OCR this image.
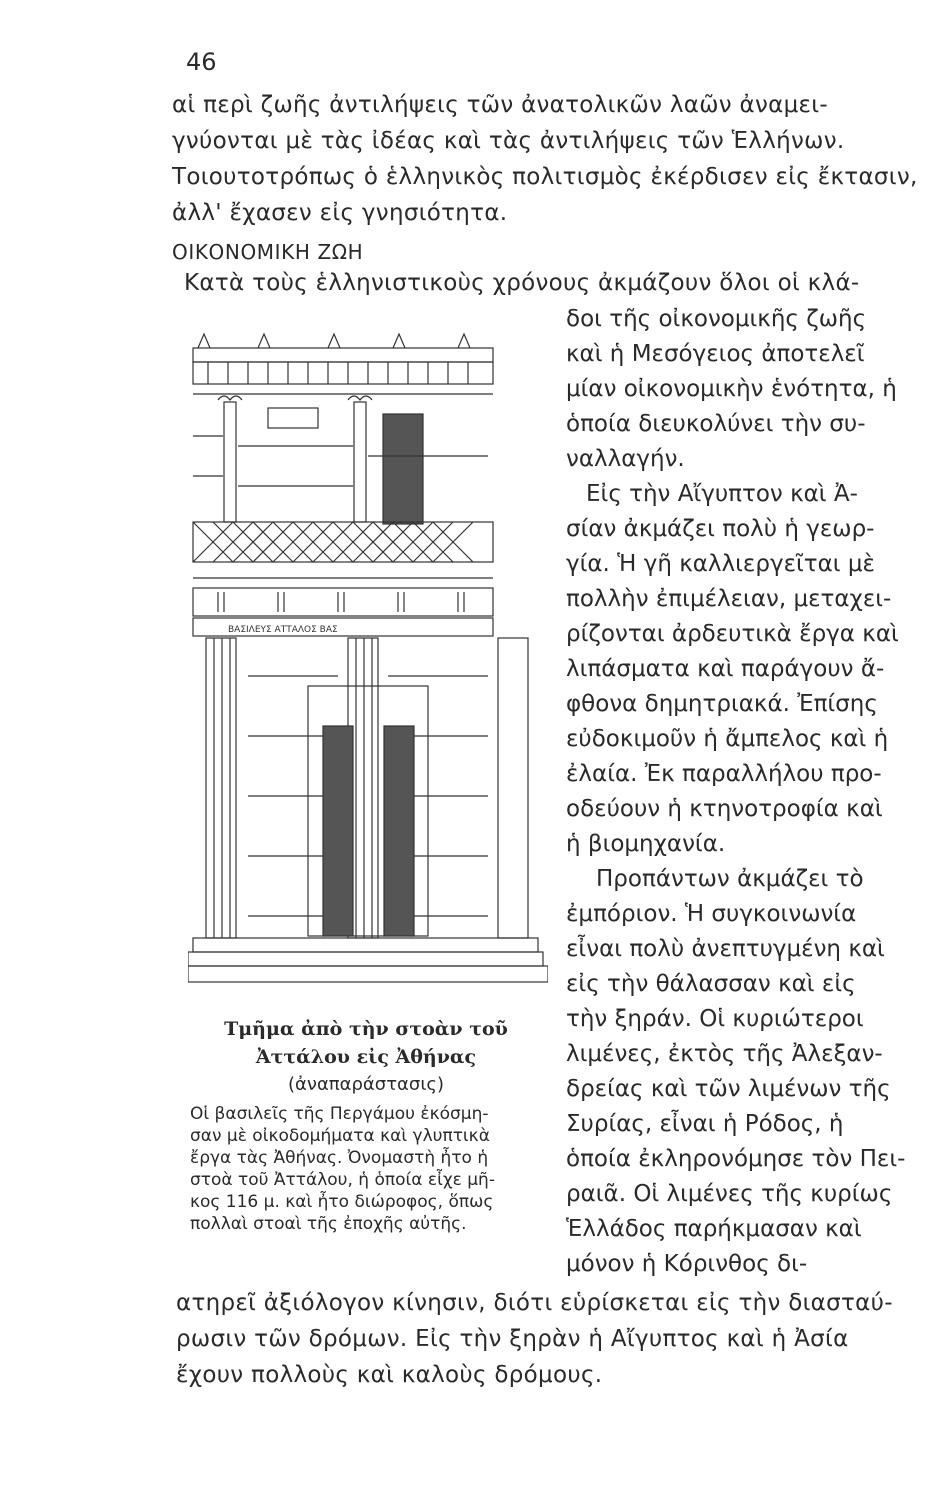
46
αἱ περὶ ζωῆς ἀντιλήψεις τῶν ἀνατολικῶν λαῶν ἀναμει-
γνύονται μὲ τὰς ἰδέας καὶ τὰς ἀντιλήψεις τῶν Ἑλλήνων.
Τοιουτοτρόπως ὁ ἑλληνικὸς πολιτισμὸς ἐκέρδισεν εἰς ἔκτασιν,
ἀλλ' ἔχασεν εἰς γνησιότητα.
ΟΙΚΟΝΟΜΙΚΗ ΖΩΗ
Κατὰ τοὺς ἑλληνιστικοὺς χρόνους ἀκμάζουν ὅλοι οἱ κλά-
ΒΑΣΙΛΕΥΣ ΑΤΤΑΛΟΣ ΒΑΣ
Τμῆμα ἀπὸ τὴν στοὰν τοῦ
Ἀττάλου εἰς Ἀθήνας
(ἀναπαράστασις)
Οἱ βασιλεῖς τῆς Περγάμου ἐκόσμη-
σαν μὲ οἰκοδομήματα καὶ γλυπτικὰ
ἔργα τὰς Ἀθήνας. Ὀνομαστὴ ἦτο ἡ
στοὰ τοῦ Ἀττάλου, ἡ ὁποία εἶχε μῆ-
κος 116 μ. καὶ ἦτο διώροφος, ὅπως
πολλαὶ στοαὶ τῆς ἐποχῆς αὐτῆς.
δοι τῆς οἰκονομικῆς ζωῆς
καὶ ἡ Μεσόγειος ἀποτελεῖ
μίαν οἰκονομικὴν ἑνότητα, ἡ
ὁποία διευκολύνει τὴν συ-
ναλλαγήν.
Εἰς τὴν Αἴγυπτον καὶ Ἀ-
σίαν ἀκμάζει πολὺ ἡ γεωρ-
γία. Ἡ γῆ καλλιεργεῖται μὲ
πολλὴν ἐπιμέλειαν, μεταχει-
ρίζονται ἀρδευτικὰ ἔργα καὶ
λιπάσματα καὶ παράγουν ἄ-
φθονα δημητριακά. Ἐπίσης
εὐδοκιμοῦν ἡ ἄμπελος καὶ ἡ
ἐλαία. Ἐκ παραλλήλου προ-
οδεύουν ἡ κτηνοτροφία καὶ
ἡ βιομηχανία.
Προπάντων ἀκμάζει τὸ
ἐμπόριον. Ἡ συγκοινωνία
εἶναι πολὺ ἀνεπτυγμένη καὶ
εἰς τὴν θάλασσαν καὶ εἰς
τὴν ξηράν. Οἱ κυριώτεροι
λιμένες, ἐκτὸς τῆς Ἀλεξαν-
δρείας καὶ τῶν λιμένων τῆς
Συρίας, εἶναι ἡ Ρόδος, ἡ
ὁποία ἐκληρονόμησε τὸν Πει-
ραιᾶ. Οἱ λιμένες τῆς κυρίως
Ἑλλάδος παρήκμασαν καὶ
μόνον ἡ Κόρινθος δι-
ατηρεῖ ἀξιόλογον κίνησιν, διότι εὑρίσκεται εἰς τὴν διασταύ-
ρωσιν τῶν δρόμων. Εἰς τὴν ξηρὰν ἡ Αἴγυπτος καὶ ἡ Ἀσία
ἔχουν πολλοὺς καὶ καλοὺς δρόμους.
